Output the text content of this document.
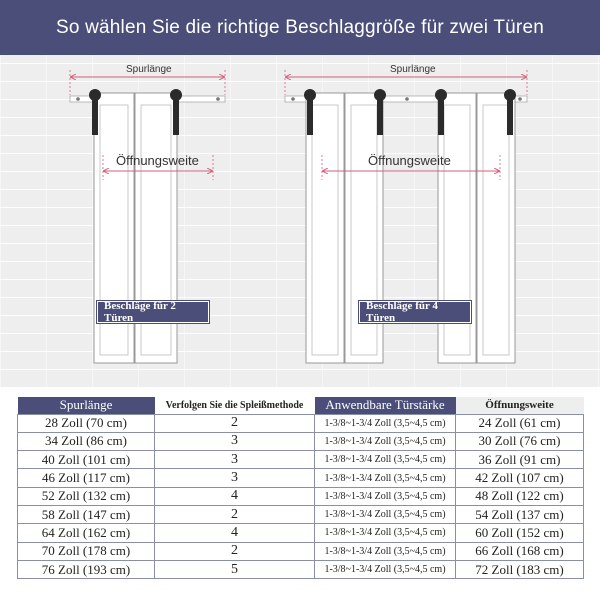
So wählen Sie die richtige Beschlaggröße für zwei Türen
Spurlänge
Öffnungsweite
Beschläge für 2 Türen
Spurlänge
Öffnungsweite
Beschläge für 4 Türen
Spurlänge	Verfolgen Sie die Spleißmethode	Anwendbare Türstärke	Öffnungsweite
28 Zoll (70 cm)	2	1-3/8~1-3/4 Zoll (3,5~4,5 cm)	24 Zoll (61 cm)
34 Zoll (86 cm)	3	1-3/8~1-3/4 Zoll (3,5~4,5 cm)	30 Zoll (76 cm)
40 Zoll (101 cm)	3	1-3/8~1-3/4 Zoll (3,5~4,5 cm)	36 Zoll (91 cm)
46 Zoll (117 cm)	3	1-3/8~1-3/4 Zoll (3,5~4,5 cm)	42 Zoll (107 cm)
52 Zoll (132 cm)	4	1-3/8~1-3/4 Zoll (3,5~4,5 cm)	48 Zoll (122 cm)
58 Zoll (147 cm)	2	1-3/8~1-3/4 Zoll (3,5~4,5 cm)	54 Zoll (137 cm)
64 Zoll (162 cm)	4	1-3/8~1-3/4 Zoll (3,5~4,5 cm)	60 Zoll (152 cm)
70 Zoll (178 cm)	2	1-3/8~1-3/4 Zoll (3,5~4,5 cm)	66 Zoll (168 cm)
76 Zoll (193 cm)	5	1-3/8~1-3/4 Zoll (3,5~4,5 cm)	72 Zoll (183 cm)
